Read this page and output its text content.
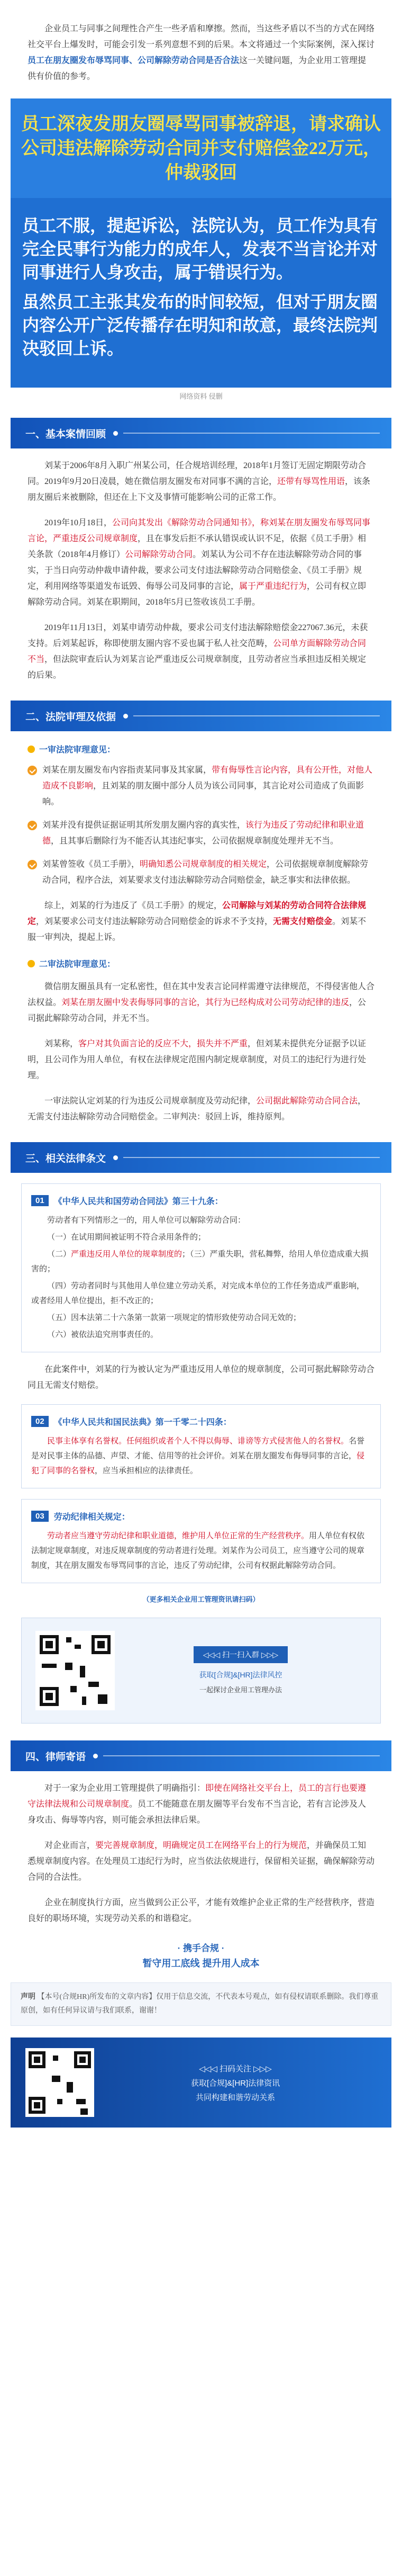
企业员工与同事之间理性合产生一些矛盾和摩擦。然而，当这些矛盾以不当的方式在网络社交平台上爆发时，可能会引发一系列意想不到的后果。本文将通过一个实际案例，深入探讨员工在朋友圈发布辱骂同事、公司解除劳动合同是否合法这一关键问题，为企业用工管理提供有价值的参考。
员工深夜发朋友圈辱骂同事被辞退，请求确认公司违法解除劳动合同并支付赔偿金22万元，仲裁驳回

员工不服，提起诉讼，法院认为，员工作为具有完全民事行为能力的成年人，发表不当言论并对同事进行人身攻击，属于错误行为。

虽然员工主张其发布的时间较短，但对于朋友圈内容公开广泛传播存在明知和故意，最终法院判决驳回上诉。

网络资料 侵删
一、基本案情回顾
刘某于2006年8月入职广州某公司，任合规培训经理，2018年1月签订无固定期限劳动合同。2019年9月20日凌晨，她在微信朋友圈发布对同事不满的言论，还带有辱骂性用语，该条朋友圈后来被删除，但还在上下文及事情可能影响公司的正常工作。
2019年10月18日，公司向其发出《解除劳动合同通知书》，称刘某在朋友圈发布辱骂同事言论，严重违反公司规章制度，且在事发后拒不承认错误或认识不足，依据《员工手册》相关条款（2018年4月修订）公司解除劳动合同。刘某认为公司不存在违法解除劳动合同的事实，于当日向劳动仲裁申请仲裁，要求公司支付违法解除劳动合同赔偿金、《员工手册》规定，利用网络等渠道发布诋毁、侮辱公司及同事的言论，属于严重违纪行为，公司有权立即解除劳动合同。刘某在职期间，2018年5月已签收该员工手册。
2019年11月13日，刘某申请劳动仲裁，要求公司支付违法解除赔偿金227067.36元，未获支持。后刘某起诉，称即使朋友圈内容不妥也属于私人社交范畴，公司单方面解除劳动合同不当，但法院审查后认为刘某言论严重违反公司规章制度，且劳动者应当承担违反相关规定的后果。
二、法院审理及依据
一审法院审理意见：
刘某在朋友圈发布内容指责某同事及其家属，带有侮辱性言论内容，具有公开性，对他人造成不良影响，且刘某的朋友圈中部分人员为该公司同事，其言论对公司造成了负面影响。
刘某并没有提供证据证明其所发朋友圈内容的真实性，该行为违反了劳动纪律和职业道德，且其事后删除行为不能否认其违纪事实，公司依据规章制度处理并无不当。
刘某曾签收《员工手册》，明确知悉公司规章制度的相关规定，公司依据规章制度解除劳动合同，程序合法，刘某要求支付违法解除劳动合同赔偿金，缺乏事实和法律依据。
综上，刘某的行为违反了《员工手册》的规定，公司解除与刘某的劳动合同符合法律规定，刘某要求公司支付违法解除劳动合同赔偿金的诉求不予支持，无需支付赔偿金。刘某不服一审判决，提起上诉。
二审法院审理意见：
微信朋友圈虽具有一定私密性，但在其中发表言论同样需遵守法律规范，不得侵害他人合法权益。刘某在朋友圈中发表侮辱同事的言论，其行为已经构成对公司劳动纪律的违反，公司据此解除劳动合同，并无不当。
刘某称，客户对其负面言论的反应不大，损失并不严重，但刘某未提供充分证据予以证明，且公司作为用人单位，有权在法律规定范围内制定规章制度，对员工的违纪行为进行处理。
一审法院认定刘某的行为违反公司规章制度及劳动纪律，公司据此解除劳动合同合法，无需支付违法解除劳动合同赔偿金。二审判决：驳回上诉，维持原判。
三、相关法律条文
01	《中华人民共和国劳动合同法》第三十九条：
劳动者有下列情形之一的，用人单位可以解除劳动合同：
（一）在试用期间被证明不符合录用条件的；
（二）严重违反用人单位的规章制度的；（三）严重失职，营私舞弊，给用人单位造成重大损害的；
（四）劳动者同时与其他用人单位建立劳动关系，对完成本单位的工作任务造成严重影响，或者经用人单位提出，拒不改正的；
（五）因本法第二十六条第一款第一项规定的情形致使劳动合同无效的；
（六）被依法追究刑事责任的。
在此案件中，刘某的行为被认定为严重违反用人单位的规章制度，公司可据此解除劳动合同且无需支付赔偿。
02	《中华人民共和国民法典》第一千零二十四条：
民事主体享有名誉权。任何组织或者个人不得以侮辱、诽谤等方式侵害他人的名誉权。名誉是对民事主体的品德、声望、才能、信用等的社会评价。刘某在朋友圈发布侮辱同事的言论，侵犯了同事的名誉权，应当承担相应的法律责任。
03	劳动纪律相关规定：
劳动者应当遵守劳动纪律和职业道德，维护用人单位正常的生产经营秩序。用人单位有权依法制定规章制度，对违反规章制度的劳动者进行处理。刘某作为公司员工，应当遵守公司的规章制度，其在朋友圈发布辱骂同事的言论，违反了劳动纪律，公司有权据此解除劳动合同。
（更多相关企业用工管理资讯请扫码）
◁◁◁ 扫一扫入群 ▷▷▷
获取[合规]&[HR]法律风控
一起探讨企业用工管理办法
四、律师寄语
对于一家为企业用工管理提供了明确指引：即使在网络社交平台上，员工的言行也要遵守法律法规和公司规章制度。员工不能随意在朋友圈等平台发布不当言论，若有言论涉及人身攻击、侮辱等内容，则可能会承担法律后果。
对企业而言，要完善规章制度，明确规定员工在网络平台上的行为规范，并确保员工知悉规章制度内容。在处理员工违纪行为时，应当依法依规进行，保留相关证据，确保解除劳动合同的合法性。
企业在制度执行方面，应当做到公正公平，才能有效维护企业正常的生产经营秩序，营造良好的职场环境，实现劳动关系的和谐稳定。
· 携手合规 ·
暂守用工底线 提升用人成本
声明 【本号(合规HR)所发布的文章内容】仅用于信息交流，不代表本号观点，如有侵权请联系删除。我们尊重原创，如有任何异议请与我们联系，谢谢！
◁◁◁ 扫码关注 ▷▷▷
获取[合规]&[HR]法律资讯
共同构建和谐劳动关系
